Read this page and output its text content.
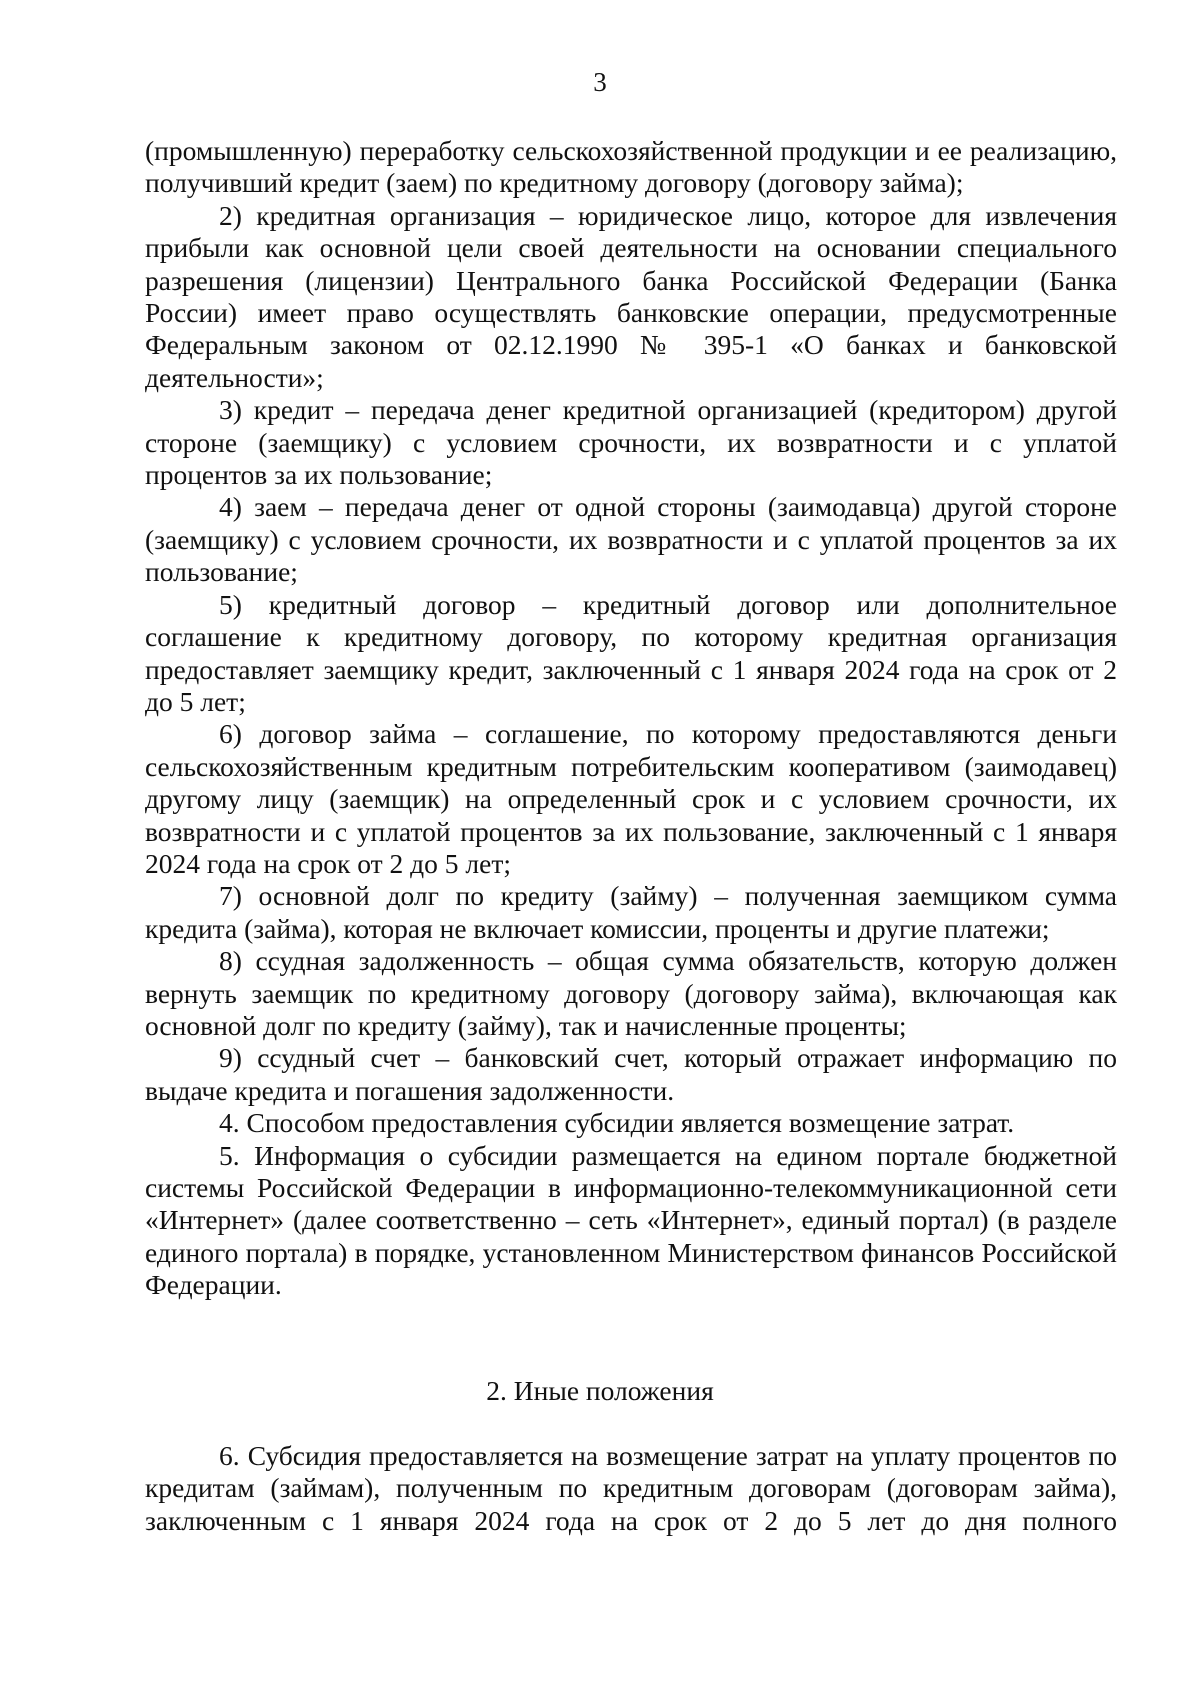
3

(промышленную) переработку сельскохозяйственной продукции и ее реализацию, получивший кредит (заем) по кредитному договору (договору займа);

2) кредитная организация – юридическое лицо, которое для извлечения прибыли как основной цели своей деятельности на основании специального разрешения (лицензии) Центрального банка Российской Федерации (Банка России) имеет право осуществлять банковские операции, предусмотренные Федеральным законом от 02.12.1990 № 395-1 «О банках и банковской деятельности»;

3) кредит – передача денег кредитной организацией (кредитором) другой стороне (заемщику) с условием срочности, их возвратности и с уплатой процентов за их пользование;

4) заем – передача денег от одной стороны (заимодавца) другой стороне (заемщику) с условием срочности, их возвратности и с уплатой процентов за их пользование;

5) кредитный договор – кредитный договор или дополнительное соглашение к кредитному договору, по которому кредитная организация предоставляет заемщику кредит, заключенный с 1 января 2024 года на срок от 2 до 5 лет;

6) договор займа – соглашение, по которому предоставляются деньги сельскохозяйственным кредитным потребительским кооперативом (заимодавец) другому лицу (заемщик) на определенный срок и с условием срочности, их возвратности и с уплатой процентов за их пользование, заключенный с 1 января 2024 года на срок от 2 до 5 лет;

7) основной долг по кредиту (займу) – полученная заемщиком сумма кредита (займа), которая не включает комиссии, проценты и другие платежи;

8) ссудная задолженность – общая сумма обязательств, которую должен вернуть заемщик по кредитному договору (договору займа), включающая как основной долг по кредиту (займу), так и начисленные проценты;

9) ссудный счет – банковский счет, который отражает информацию по выдаче кредита и погашения задолженности.

4. Способом предоставления субсидии является возмещение затрат.

5. Информация о субсидии размещается на едином портале бюджетной системы Российской Федерации в информационно-телекоммуникационной сети «Интернет» (далее соответственно – сеть «Интернет», единый портал) (в разделе единого портала) в порядке, установленном Министерством финансов Российской Федерации.

2. Иные положения

6. Субсидия предоставляется на возмещение затрат на уплату процентов по кредитам (займам), полученным по кредитным договорам (договорам займа), заключенным с 1 января 2024 года на срок от 2 до 5 лет до дня полного
